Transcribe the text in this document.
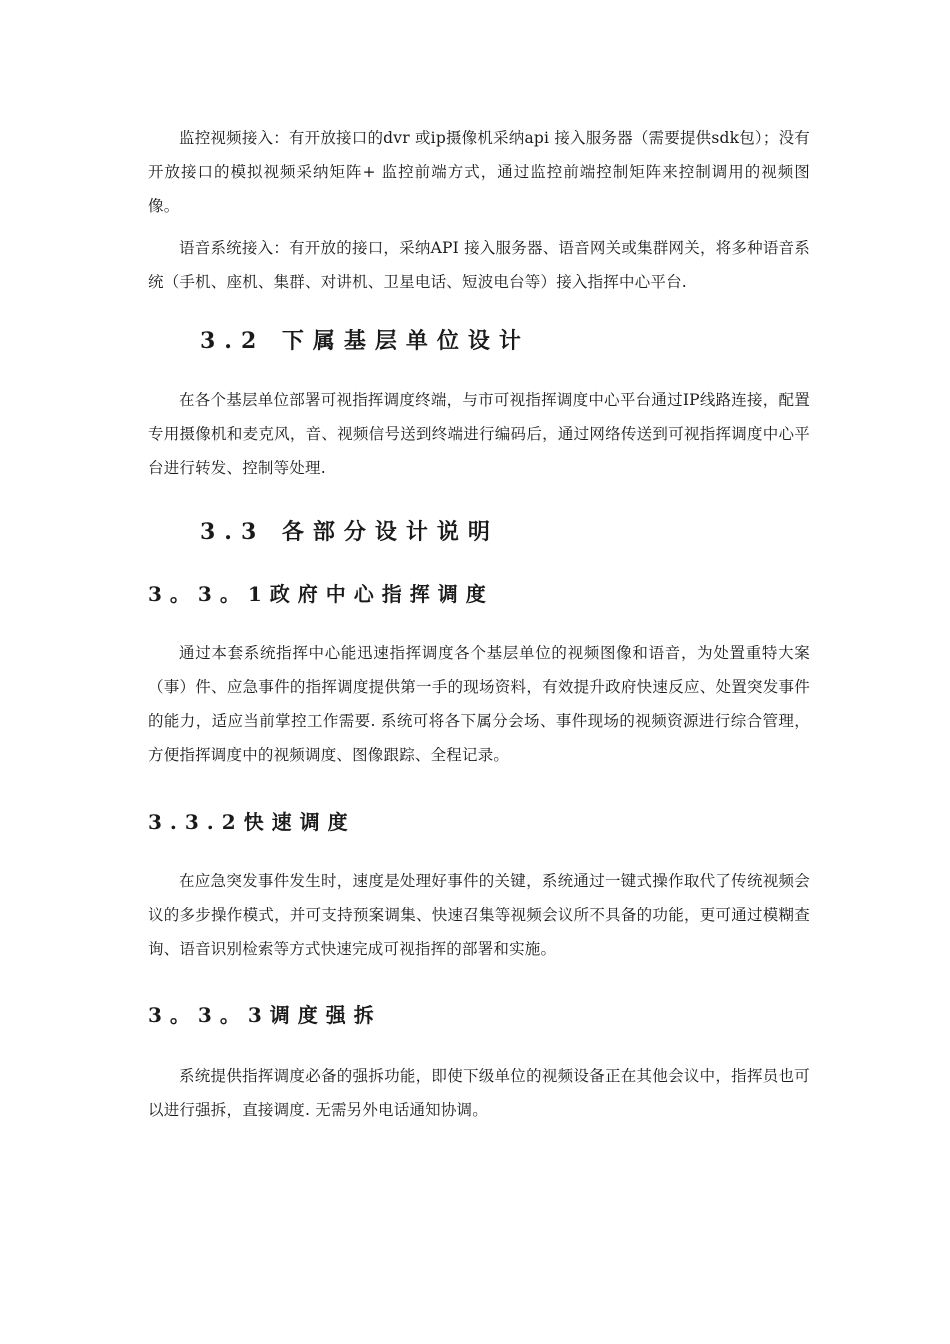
监控视频接入：有开放接口的dvr 或ip摄像机采纳api 接入服务器（需要提供sdk包）；没有开放接口的模拟视频采纳矩阵+ 监控前端方式，通过监控前端控制矩阵来控制调用的视频图像。

语音系统接入：有开放的接口，采纳API 接入服务器、语音网关或集群网关，将多种语音系统（手机、座机、集群、对讲机、卫星电话、短波电台等）接入指挥中心平台.

3.2 下属基层单位设计

在各个基层单位部署可视指挥调度终端，与市可视指挥调度中心平台通过IP线路连接，配置专用摄像机和麦克风，音、视频信号送到终端进行编码后，通过网络传送到可视指挥调度中心平台进行转发、控制等处理.

3.3 各部分设计说明
3。3。1政府中心指挥调度

通过本套系统指挥中心能迅速指挥调度各个基层单位的视频图像和语音，为处置重特大案（事）件、应急事件的指挥调度提供第一手的现场资料，有效提升政府快速反应、处置突发事件的能力，适应当前掌控工作需要. 系统可将各下属分会场、事件现场的视频资源进行综合管理，方便指挥调度中的视频调度、图像跟踪、全程记录。

3.3.2快速调度

在应急突发事件发生时，速度是处理好事件的关键，系统通过一键式操作取代了传统视频会议的多步操作模式，并可支持预案调集、快速召集等视频会议所不具备的功能，更可通过模糊查询、语音识别检索等方式快速完成可视指挥的部署和实施。

3。3。3调度强拆

系统提供指挥调度必备的强拆功能，即使下级单位的视频设备正在其他会议中，指挥员也可以进行强拆，直接调度. 无需另外电话通知协调。
